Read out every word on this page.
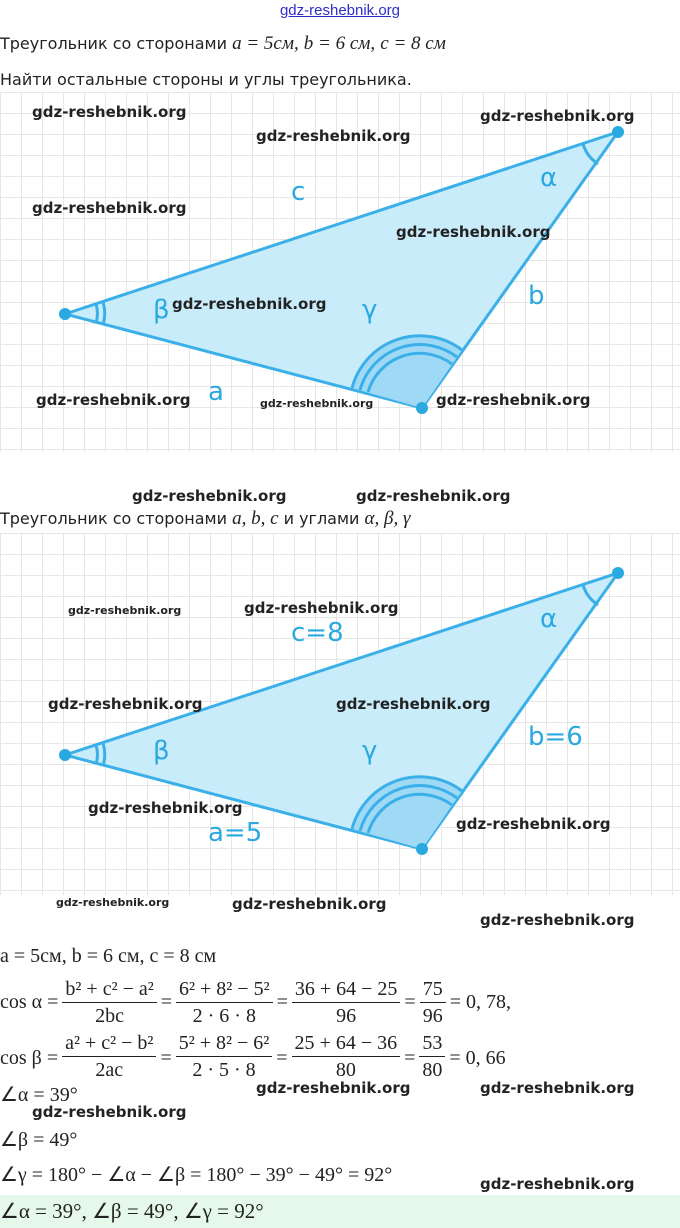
gdz-reshebnik.org
Треугольник со сторонами a = 5см, b = 6 см, c = 8 см
Найти остальные стороны и углы треугольника.
c
b
a
α
β	γ
Треугольник со сторонами a, b, c и углами α, β, γ
c=8
b=6
a=5
α
β	γ
a = 5см, b = 6 см, c = 8 см
$\cos \alpha = \frac{\text{b² + c² − a²}}{2bc} = \frac{\text{6² + 8² − 5²}}{2 \cdot 6 \cdot 8} = \frac{36 + 64 - 25}{96} = \frac{75}{96} = 0$, 78,
$\cos \beta = \frac{\text{a² + c² − b²}}{2ac} = \frac{\text{5² + 8² − 6²}}{2 \cdot 5 \cdot 8} = \frac{25 + 64 - 36}{80} = \frac{53}{80} = 0$, 66
∠α = 39°
∠β = 49°
∠γ = 180° − ∠α − ∠β = 180° − 39° − 49° = 92°
∠α = 39°, ∠β = 49°, ∠γ = 92°
gdz-reshebnik.org
gdz-reshebnik.org
gdz-reshebnik.org
gdz-reshebnik.org
gdz-reshebnik.org
gdz-reshebnik.org
gdz-reshebnik.org	gdz-reshebnik.org	gdz-reshebnik.org
gdz-reshebnik.org	gdz-reshebnik.org
gdz-reshebnik.org	gdz-reshebnik.org
gdz-reshebnik.org	gdz-reshebnik.org
gdz-reshebnik.org
gdz-reshebnik.org
gdz-reshebnik.org	gdz-reshebnik.org
gdz-reshebnik.org
gdz-reshebnik.org	gdz-reshebnik.org
gdz-reshebnik.org
gdz-reshebnik.org
